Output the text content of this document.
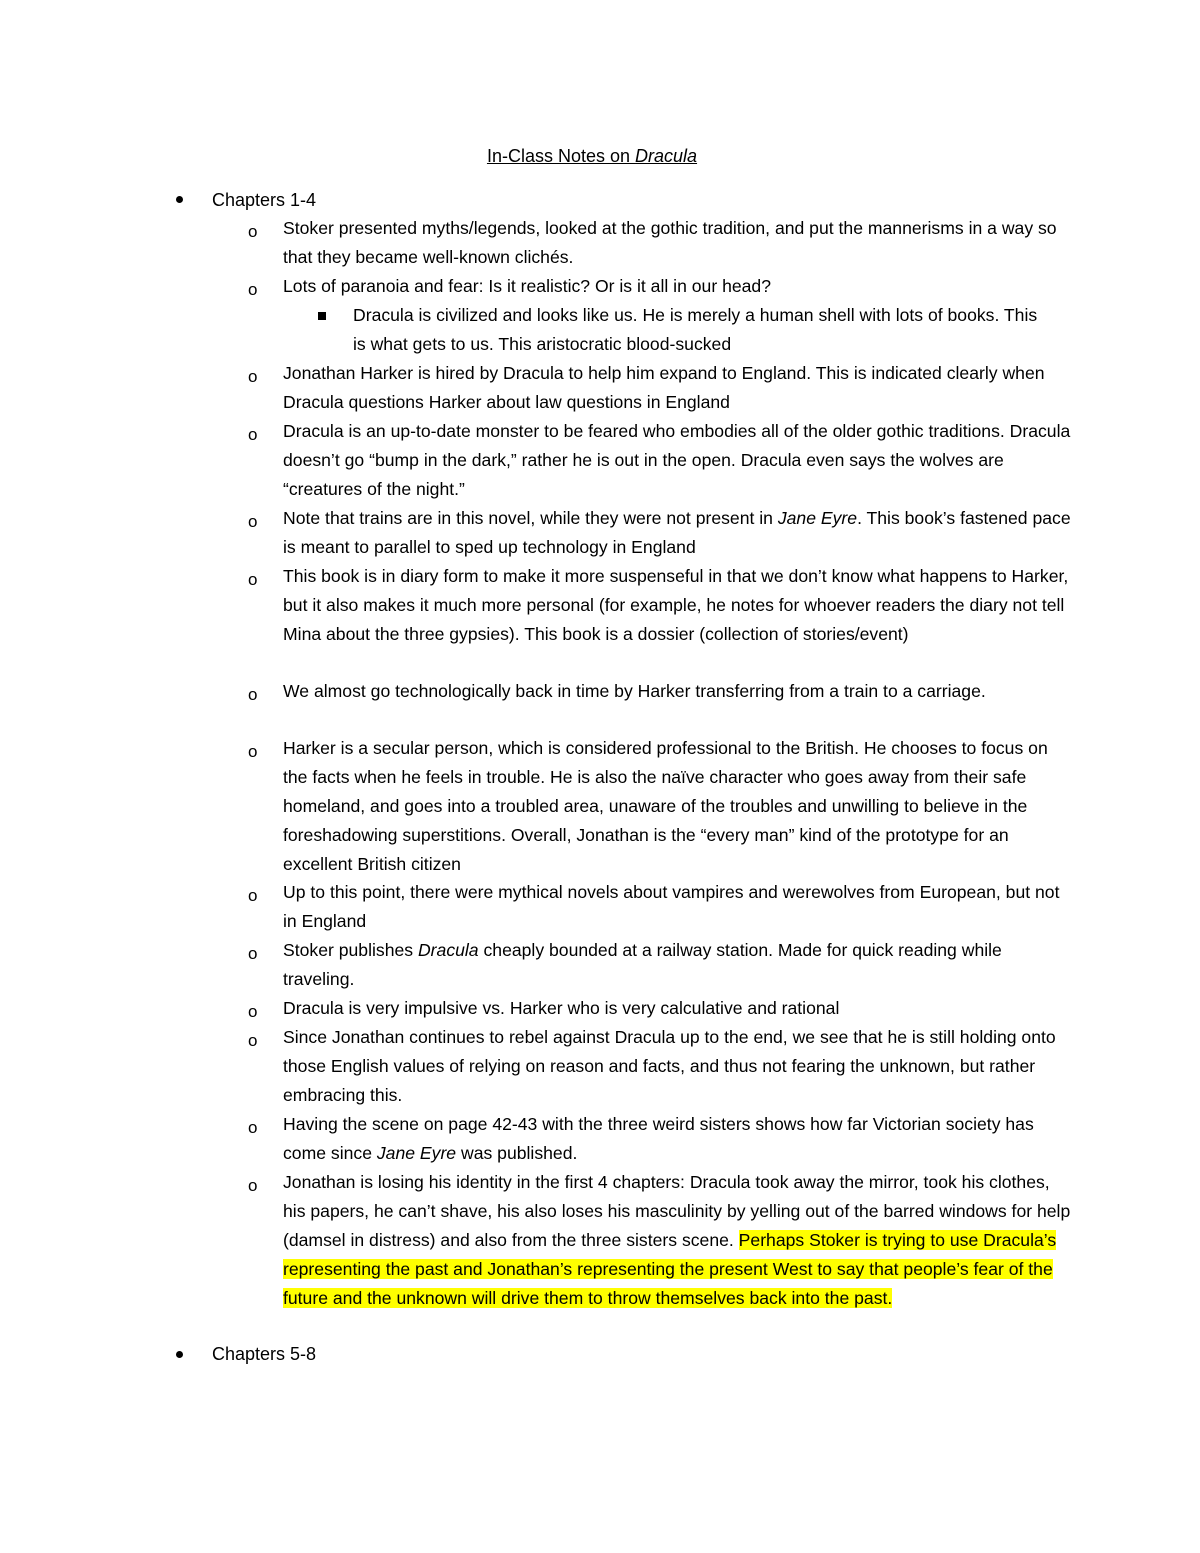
In-Class Notes on Dracula
Chapters 1-4
o Stoker presented myths/legends, looked at the gothic tradition, and put the mannerisms in a way so that they became well-known clichés.
o Lots of paranoia and fear: Is it realistic? Or is it all in our head?
Dracula is civilized and looks like us. He is merely a human shell with lots of books. This is what gets to us. This aristocratic blood-sucked
o Jonathan Harker is hired by Dracula to help him expand to England. This is indicated clearly when Dracula questions Harker about law questions in England
o Dracula is an up-to-date monster to be feared who embodies all of the older gothic traditions. Dracula doesn’t go “bump in the dark,” rather he is out in the open. Dracula even says the wolves are “creatures of the night.”
o Note that trains are in this novel, while they were not present in Jane Eyre. This book’s fastened pace is meant to parallel to sped up technology in England
o This book is in diary form to make it more suspenseful in that we don’t know what happens to Harker, but it also makes it much more personal (for example, he notes for whoever readers the diary not tell Mina about the three gypsies). This book is a dossier (collection of stories/event)
o We almost go technologically back in time by Harker transferring from a train to a carriage.
o Harker is a secular person, which is considered professional to the British. He chooses to focus on the facts when he feels in trouble. He is also the naïve character who goes away from their safe homeland, and goes into a troubled area, unaware of the troubles and unwilling to believe in the foreshadowing superstitions. Overall, Jonathan is the “every man” kind of the prototype for an excellent British citizen
o Up to this point, there were mythical novels about vampires and werewolves from European, but not in England
o Stoker publishes Dracula cheaply bounded at a railway station. Made for quick reading while traveling.
o Dracula is very impulsive vs. Harker who is very calculative and rational
o Since Jonathan continues to rebel against Dracula up to the end, we see that he is still holding onto those English values of relying on reason and facts, and thus not fearing the unknown, but rather embracing this.
o Having the scene on page 42-43 with the three weird sisters shows how far Victorian society has come since Jane Eyre was published.
o Jonathan is losing his identity in the first 4 chapters: Dracula took away the mirror, took his clothes, his papers, he can’t shave, his also loses his masculinity by yelling out of the barred windows for help (damsel in distress) and also from the three sisters scene. Perhaps Stoker is trying to use Dracula’s representing the past and Jonathan’s representing the present West to say that people’s fear of the future and the unknown will drive them to throw themselves back into the past.
Chapters 5-8
